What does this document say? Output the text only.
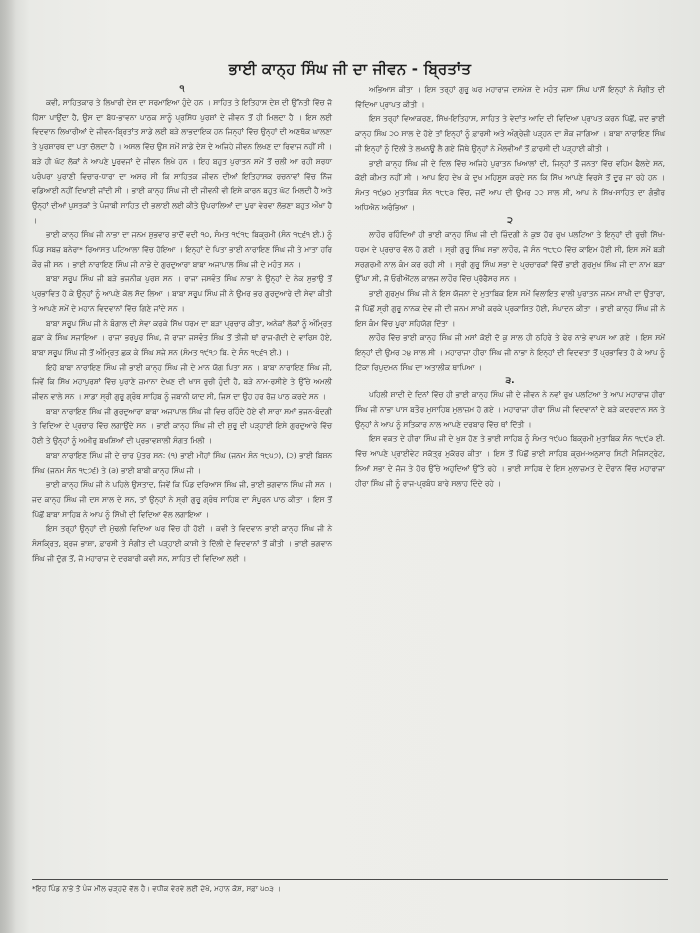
ਭਾਈ ਕਾਨ੍ਹ ਸਿੰਘ ਜੀ ਦਾ ਜੀਵਨ - ਬ੍ਰਿਤਾਂਤ
੧

ਕਵੀ, ਸਾਹਿਤਕਾਰ ਤੇ ਲਿਖਾਰੀ ਦੇਸ਼ ਦਾ ਸਰਮਾਇਆ ਹੁੰਦੇ ਹਨ । ਸਾਹਿਤ ਤੇ ਇਤਿਹਾਸ ਦੇਸ਼ ਦੀ ਉੱਨਤੀ ਵਿੱਚ ਜੋ ਹਿੱਸਾ ਪਾਉਂਦਾ ਹੈ, ਉਸ ਦਾ ਬੋਧ-ਭਾਵਨਾ ਪਾਠਕ ਸਾਨੂੰ ਪ੍ਰਸਿੱਧ ਪੁਰਸ਼ਾਂ ਦੇ ਜੀਵਨ ਤੋਂ ਹੀ ਮਿਲਦਾ ਹੈ । ਇਸ ਲਈ ਵਿਦਵਾਨ ਲਿਖਾਰੀਆਂ ਦੇ ਜੀਵਨ-ਬ੍ਰਿਤਾਂਤ ਸਾਡੇ ਲਈ ਬੜੇ ਲਾਭਦਾਇਕ ਹਨ ਜਿਨ੍ਹਾਂ ਵਿੱਚ ਉਨ੍ਹਾਂ ਦੀ ਅਣਥੱਕ ਘਾਲਣਾ ਤੇ ਪੁਰਸ਼ਾਰਥ ਦਾ ਪਤਾ ਚੱਲਦਾ ਹੈ । ਅਸਲ ਵਿੱਚ ਉਸ ਸਮੇਂ ਸਾਡੇ ਦੇਸ਼ ਦੇ ਅਜਿਹੇ ਜੀਵਨ ਲਿਖਣ ਦਾ ਰਿਵਾਜ ਨਹੀਂ ਸੀ । ਬੜੇ ਹੀ ਘੱਟ ਲੋਕਾਂ ਨੇ ਆਪਣੇ ਪੂਰਵਜਾਂ ਦੇ ਜੀਵਨ ਲਿਖੇ ਹਨ । ਇਹ ਬਹੁਤ ਪੁਰਾਤਨ ਸਮੇਂ ਤੋਂ ਚਲੀ ਆ ਰਹੀ ਸ਼ਰਧਾ ਪਰੰਪਰਾ ਪੁਰਾਣੀ ਵਿਚਾਰ-ਧਾਰਾ ਦਾ ਅਸਰ ਸੀ ਕਿ ਸਾਹਿਤਕ ਜੀਵਨ ਦੀਆਂ ਇਤਿਹਾਸਕ ਰਚਨਾਵਾਂ ਵਿੱਚ ਨਿੱਜ ਵਡਿਆਈ ਨਹੀਂ ਦਿਖਾਈ ਜਾਂਦੀ ਸੀ । ਭਾਈ ਕਾਨ੍ਹ ਸਿੰਘ ਜੀ ਦੀ ਜੀਵਨੀ ਵੀ ਇਸੇ ਕਾਰਨ ਬਹੁਤ ਘੱਟ ਮਿਲਦੀ ਹੈ ਅਤੇ ਉਨ੍ਹਾਂ ਦੀਆਂ ਪੁਸਤਕਾਂ ਤੇ ਪੰਜਾਬੀ ਸਾਹਿਤ ਦੀ ਭਲਾਈ ਲਈ ਕੀਤੇ ਉਪਰਾਲਿਆਂ ਦਾ ਪੂਰਾ ਵੇਰਵਾ ਲੱਭਣਾ ਬਹੁਤ ਔਖਾ ਹੈ ।

ਭਾਈ ਕਾਨ੍ਹ ਸਿੰਘ ਜੀ ਨਾਭਾ ਦਾ ਜਨਮ ਸ਼ੁਭਵਾਰ ਭਾਦੋਂ ਵਦੀ ੧੦, ਸੰਮਤ ੧੯੧੮ ਬਿਕ੍ਰਮੀ (ਸੰਨ ੧੮੬੧ ਈ.) ਨੂੰ ਪਿੰਡ ਸਬਜ਼ ਬਨੇਰਾ* ਰਿਆਸਤ ਪਟਿਆਲਾ ਵਿੱਚ ਹੋਇਆ । ਇਨ੍ਹਾਂ ਦੇ ਪਿਤਾ ਭਾਈ ਨਾਰਾਇਣ ਸਿੰਘ ਜੀ ਤੇ ਮਾਤਾ ਹਰਿ ਕੌਰ ਜੀ ਸਨ । ਭਾਈ ਨਾਰਾਇਣ ਸਿੰਘ ਜੀ ਨਾਭੇ ਦੇ ਗੁਰਦੁਆਰਾ ਬਾਬਾ ਅਜਾਪਾਲ ਸਿੰਘ ਜੀ ਦੇ ਮਹੰਤ ਸਨ ।

ਬਾਬਾ ਸਰੂਪ ਸਿੰਘ ਜੀ ਬੜੇ ਭਜਨੀਕ ਪੁਰਸ਼ ਸਨ । ਰਾਜਾ ਜਸਵੰਤ ਸਿੰਘ ਨਾਭਾ ਨੇ ਉਨ੍ਹਾਂ ਦੇ ਨੇਕ ਸੁਭਾਉ ਤੋਂ ਪ੍ਰਭਾਵਿਤ ਹੋ ਕੇ ਉਨ੍ਹਾਂ ਨੂੰ ਆਪਣੇ ਕੋਲ ਸੱਦ ਲਿਆ । ਬਾਬਾ ਸਰੂਪ ਸਿੰਘ ਜੀ ਨੇ ਉਮਰ ਭਰ ਗੁਰਦੁਆਰੇ ਦੀ ਸੇਵਾ ਕੀਤੀ ਤੇ ਆਪਣੇ ਸਮੇਂ ਦੇ ਮਹਾਨ ਵਿਦਵਾਨਾਂ ਵਿੱਚ ਗਿਣੇ ਜਾਂਦੇ ਸਨ ।

ਬਾਬਾ ਸਰੂਪ ਸਿੰਘ ਜੀ ਨੇ ਬੰਗਾਲ ਦੀ ਸੇਵਾ ਕਰਕੇ ਸਿੱਖ ਧਰਮ ਦਾ ਬੜਾ ਪ੍ਰਚਾਰ ਕੀਤਾ, ਅਨੇਕਾਂ ਲੋਕਾਂ ਨੂੰ ਅੰਮ੍ਰਿਤ ਛਕਾ ਕੇ ਸਿੰਘ ਸਜਾਇਆ । ਰਾਜਾ ਭਰਪੂਰ ਸਿੰਘ, ਜੋ ਰਾਜਾ ਜਸਵੰਤ ਸਿੰਘ ਤੋਂ ਤੀਜੀ ਥਾਂ ਰਾਜ-ਗੱਦੀ ਦੇ ਵਾਰਿਸ ਹੋਏ, ਬਾਬਾ ਸਰੂਪ ਸਿੰਘ ਜੀ ਤੋਂ ਅੰਮ੍ਰਿਤ ਛਕ ਕੇ ਸਿੰਘ ਸਜੇ ਸਨ (ਸੰਮਤ ੧੯੧੭ ਬਿ. ਦੇ ਸੰਨ ੧੮੬੧ ਈ.) ।

ਇਹੋ ਬਾਬਾ ਨਾਰਾਇਣ ਸਿੰਘ ਜੀ ਭਾਈ ਕਾਨ੍ਹ ਸਿੰਘ ਜੀ ਦੇ ਮਾਨ ਯੋਗ ਪਿਤਾ ਸਨ । ਬਾਬਾ ਨਾਰਾਇਣ ਸਿੰਘ ਜੀ, ਜਿਵੇਂ ਕਿ ਸਿੱਖ ਮਹਾਪੁਰਸ਼ਾਂ ਵਿੱਚ ਪੁਰਾਣੇ ਜ਼ਮਾਨਾ ਦੇਖਣ ਦੀ ਖਾਸ ਰੁਚੀ ਹੁੰਦੀ ਹੈ, ਬੜੇ ਨਾਮ-ਰਸੀਏ ਤੇ ਉੱਚੇ ਅਮਲੀ ਜੀਵਨ ਵਾਲੇ ਸਨ । ਸਾਡਾ ਸ੍ਰੀ ਗੁਰੂ ਗ੍ਰੰਥ ਸਾਹਿਬ ਨੂੰ ਜਬਾਨੀ ਯਾਦ ਸੀ, ਜਿਸ ਦਾ ਉਹ ਹਰ ਰੋਜ਼ ਪਾਠ ਕਰਦੇ ਸਨ ।

ਬਾਬਾ ਨਾਰਾਇਣ ਸਿੰਘ ਜੀ ਗੁਰਦੁਆਰਾ ਬਾਬਾ ਅਜਾਪਾਲ ਸਿੰਘ ਜੀ ਵਿਚ ਰਹਿੰਦੇ ਹੋਏ ਵੀ ਸਾਰਾ ਸਮਾਂ ਭਜਨ-ਬੰਦਗੀ ਤੇ ਵਿਦਿਆ ਦੇ ਪ੍ਰਚਾਰ ਵਿੱਚ ਲਗਾਉਂਦੇ ਸਨ । ਭਾਈ ਕਾਨ੍ਹ ਸਿੰਘ ਜੀ ਦੀ ਸ਼ੁਰੂ ਦੀ ਪੜ੍ਹਾਈ ਇਸੇ ਗੁਰਦੁਆਰੇ ਵਿੱਚ ਹੋਈ ਤੇ ਉਨ੍ਹਾਂ ਨੂੰ ਅਮੀਰੁ ਬਖਸ਼ਿਆਂ ਦੀ ਪ੍ਰਭਾਵਸ਼ਾਲੀ ਸੰਗਤ ਮਿਲੀ ।

ਬਾਬਾ ਨਾਰਾਇਣ ਸਿੰਘ ਜੀ ਦੇ ਚਾਰ ਪੁੱਤਰ ਸਨ: (੧) ਭਾਈ ਮੀਹਾਂ ਸਿੰਘ (ਜਨਮ ਸੰਨ ੧੮੫੭), (੨) ਭਾਈ ਬਿਸ਼ਨ ਸਿੰਘ (ਜਨਮ ਸੰਨ ੧੮੭੬) ਤੇ (੩) ਭਾਈ ਬਾਬੀ ਕਾਨ੍ਹ ਸਿੰਘ ਜੀ ।

ਭਾਈ ਕਾਨ੍ਹ ਸਿੰਘ ਜੀ ਨੇ ਪਹਿਲੇ ਉਸਤਾਦ, ਜਿਵੇਂ ਕਿ ਪਿੰਡ ਦਰਿਆਸ ਸਿੰਘ ਜੀ, ਭਾਈ ਭਗਵਾਨ ਸਿੰਘ ਜੀ ਸਨ । ਜਦ ਕਾਨ੍ਹ ਸਿੰਘ ਜੀ ਦਸ ਸਾਲ ਦੇ ਸਨ, ਤਾਂ ਉਨ੍ਹਾਂ ਨੇ ਸ੍ਰੀ ਗੁਰੂ ਗ੍ਰੰਥ ਸਾਹਿਬ ਦਾ ਸੰਪੂਰਨ ਪਾਠ ਕੀਤਾ । ਇਸ ਤੋਂ ਪਿੱਛੋਂ ਬਾਬਾ ਸਾਹਿਬ ਨੇ ਆਪ ਨੂੰ ਸਿੱਖੀ ਦੀ ਵਿਦਿਆ ਵੱਲ ਲਗਾਇਆ ।

ਇਸ ਤਰ੍ਹਾਂ ਉਨ੍ਹਾਂ ਦੀ ਮੁੱਢਲੀ ਵਿਦਿਆ ਘਰ ਵਿੱਚ ਹੀ ਹੋਈ । ਕਵੀ ਤੇ ਵਿਦਵਾਨ ਭਾਈ ਕਾਨ੍ਹ ਸਿੰਘ ਜੀ ਨੇ ਸੰਸਕ੍ਰਿਤ, ਬ੍ਰਜ ਭਾਸ਼ਾ, ਫ਼ਾਰਸੀ ਤੇ ਸੰਗੀਤ ਦੀ ਪੜ੍ਹਾਈ ਕਾਸ਼ੀ ਤੇ ਦਿੱਲੀ ਦੇ ਵਿਦਵਾਨਾਂ ਤੋਂ ਕੀਤੀ । ਭਾਈ ਭਗਵਾਨ ਸਿੰਘ ਜੀ ਦੁੱਗ ਤੋਂ, ਜੋ ਮਹਾਰਾਜ ਦੇ ਦਰਬਾਰੀ ਕਵੀ ਸਨ, ਸਾਹਿਤ ਦੀ ਵਿਦਿਆ ਲਈ ।

ਅਭਿਆਸ ਕੀਤਾ । ਇਸ ਤਰ੍ਹਾਂ ਗੁਰੂ ਘਰ ਮਹਾਰਾਜ ਦਸਮੇਸ਼ ਦੇ ਮਹੰਤ ਜਸਾ ਸਿੰਘ ਪਾਸੋਂ ਇਨ੍ਹਾਂ ਨੇ ਸੰਗੀਤ ਦੀ ਵਿੱਦਿਆ ਪ੍ਰਾਪਤ ਕੀਤੀ ।

ਇਸ ਤਰ੍ਹਾਂ ਵਿਆਕਰਣ, ਸਿੱਖ-ਇਤਿਹਾਸ, ਸਾਹਿਤ ਤੇ ਵੇਦਾਂਤ ਆਦਿ ਦੀ ਵਿਦਿਆ ਪ੍ਰਾਪਤ ਕਰਨ ਪਿੱਛੋਂ, ਜਦ ਭਾਈ ਕਾਨ੍ਹ ਸਿੰਘ ੨੦ ਸਾਲ ਦੇ ਹੋਏ ਤਾਂ ਇਨ੍ਹਾਂ ਨੂੰ ਫ਼ਾਰਸੀ ਅਤੇ ਅੰਗ੍ਰੇਜ਼ੀ ਪੜ੍ਹਨ ਦਾ ਸ਼ੌਕ ਜਾਗਿਆ । ਬਾਬਾ ਨਾਰਾਇਣ ਸਿੰਘ ਜੀ ਇਨ੍ਹਾਂ ਨੂੰ ਦਿੱਲੀ ਤੇ ਲਖਨਊ ਲੈ ਗਏ ਜਿੱਥੇ ਉਨ੍ਹਾਂ ਨੇ ਮੌਲਵੀਆਂ ਤੋਂ ਫ਼ਾਰਸੀ ਦੀ ਪੜ੍ਹਾਈ ਕੀਤੀ ।

ਭਾਈ ਕਾਨ੍ਹ ਸਿੰਘ ਜੀ ਦੇ ਦਿਲ ਵਿੱਚ ਅਜਿਹੇ ਪੁਰਾਤਨ ਖਿਆਲਾਂ ਦੀ, ਜਿਨ੍ਹਾਂ ਤੋਂ ਜਨਤਾ ਵਿੱਚ ਵਹਿਮ ਫੈਲਦੇ ਸਨ, ਕੋਈ ਕੀਮਤ ਨਹੀਂ ਸੀ । ਆਪ ਇਹ ਦੇਖ ਕੇ ਦੁਖ ਮਹਿਸੂਸ ਕਰਦੇ ਸਨ ਕਿ ਸਿੱਖ ਆਪਣੇ ਵਿਰਸੇ ਤੋਂ ਦੂਰ ਜਾ ਰਹੇ ਹਨ । ਸੰਮਤ ੧੯੪੦ ਮੁਤਾਬਿਕ ਸੰਨ ੧੮੮੩ ਵਿੱਚ, ਜਦੋਂ ਆਪ ਦੀ ਉਮਰ ੨੨ ਸਾਲ ਸੀ, ਆਪ ਨੇ ਸਿੱਖ-ਸਾਹਿਤ ਦਾ ਗੰਭੀਰ ਅਧਿਐਨ ਅਰੰਭਿਆ ।

੨

ਲਾਹੌਰ ਰਹਿੰਦਿਆਂ ਹੀ ਭਾਈ ਕਾਨ੍ਹ ਸਿੰਘ ਜੀ ਦੀ ਜ਼ਿੰਦਗੀ ਨੇ ਕੁਝ ਹੋਰ ਰੁਖ ਪਲਟਿਆ ਤੇ ਇਨ੍ਹਾਂ ਦੀ ਰੁਚੀ ਸਿੱਖ-ਧਰਮ ਦੇ ਪ੍ਰਚਾਰ ਵੱਲ ਹੋ ਗਈ । ਸ੍ਰੀ ਗੁਰੂ ਸਿੰਘ ਸਭਾ ਲਾਹੌਰ, ਜੋ ਸੰਨ ੧੮੮੦ ਵਿੱਚ ਕਾਇਮ ਹੋਈ ਸੀ, ਇਸ ਸਮੇਂ ਬੜੀ ਸਰਗਰਮੀ ਨਾਲ ਕੰਮ ਕਰ ਰਹੀ ਸੀ । ਸ੍ਰੀ ਗੁਰੂ ਸਿੰਘ ਸਭਾ ਦੇ ਪ੍ਰਚਾਰਕਾਂ ਵਿੱਚੋਂ ਭਾਈ ਗੁਰਮੁਖ ਸਿੰਘ ਜੀ ਦਾ ਨਾਮ ਬੜਾ ਉੱਘਾ ਸੀ, ਜੋ ਓਰੀਐਂਟਲ ਕਾਲਜ ਲਾਹੌਰ ਵਿੱਚ ਪ੍ਰੋਫੈਸਰ ਸਨ ।

ਭਾਈ ਗੁਰਮੁਖ ਸਿੰਘ ਜੀ ਨੇ ਇਸ ਯੋਜਨਾ ਦੇ ਮੁਤਾਬਿਕ ਇਸ ਸਮੇਂ ਵਿਲਾਇਤ ਵਾਲੀ ਪੁਰਾਤਨ ਜਨਮ ਸਾਖੀ ਦਾ ਉਤਾਰਾ, ਜੋ ਪਿੱਛੋਂ ਸ੍ਰੀ ਗੁਰੂ ਨਾਨਕ ਦੇਵ ਜੀ ਦੀ ਜਨਮ ਸਾਖੀ ਕਰਕੇ ਪ੍ਰਕਾਸ਼ਿਤ ਹੋਈ, ਸੰਪਾਦਨ ਕੀਤਾ । ਭਾਈ ਕਾਨ੍ਹ ਸਿੰਘ ਜੀ ਨੇ ਇਸ ਕੰਮ ਵਿੱਚ ਪੂਰਾ ਸਹਿਯੋਗ ਦਿੱਤਾ ।

ਲਾਹੌਰ ਵਿੱਚ ਭਾਈ ਕਾਨ੍ਹ ਸਿੰਘ ਜੀ ਮਸਾਂ ਕੋਈ ਦੋ ਕੁ ਸਾਲ ਹੀ ਠਹਿਰੇ ਤੇ ਫੇਰ ਨਾਭੇ ਵਾਪਸ ਆ ਗਏ । ਇਸ ਸਮੇਂ ਇਨ੍ਹਾਂ ਦੀ ਉਮਰ ੨੪ ਸਾਲ ਸੀ । ਮਹਾਰਾਜਾ ਹੀਰਾ ਸਿੰਘ ਜੀ ਨਾਭਾ ਨੇ ਇਨ੍ਹਾਂ ਦੀ ਵਿਦਵਤਾ ਤੋਂ ਪ੍ਰਭਾਵਿਤ ਹੋ ਕੇ ਆਪ ਨੂੰ ਟਿੱਕਾ ਰਿਪੁਦਮਨ ਸਿੰਘ ਦਾ ਅਤਾਲੀਕ ਥਾਪਿਆ ।

੩.

ਪਹਿਲੀ ਸ਼ਾਦੀ ਦੇ ਦਿਨਾਂ ਵਿੱਚ ਹੀ ਭਾਈ ਕਾਨ੍ਹ ਸਿੰਘ ਜੀ ਦੇ ਜੀਵਨ ਨੇ ਨਵਾਂ ਰੁਖ ਪਲਟਿਆ ਤੇ ਆਪ ਮਹਾਰਾਜ ਹੀਰਾ ਸਿੰਘ ਜੀ ਨਾਭਾ ਪਾਸ ਬਤੌਰ ਮੁਸਾਹਿਬ ਮੁਲਾਜ਼ਮ ਹੋ ਗਏ । ਮਹਾਰਾਜਾ ਹੀਰਾ ਸਿੰਘ ਜੀ ਵਿਦਵਾਨਾਂ ਦੇ ਬੜੇ ਕਦਰਦਾਨ ਸਨ ਤੇ ਉਨ੍ਹਾਂ ਨੇ ਆਪ ਨੂੰ ਸਤਿਕਾਰ ਨਾਲ ਆਪਣੇ ਦਰਬਾਰ ਵਿੱਚ ਥਾਂ ਦਿੱਤੀ ।

ਇਸ ਵਕਤ ਦੇ ਹੀਰਾ ਸਿੰਘ ਜੀ ਦੇ ਖੁਸ਼ ਹੋਣ ਤੇ ਭਾਈ ਸਾਹਿਬ ਨੂੰ ਸੰਮਤ ੧੯੫੦ ਬਿਕ੍ਰਮੀ ਮੁਤਾਬਿਕ ਸੰਨ ੧੮੯੩ ਈ. ਵਿੱਚ ਆਪਣੇ ਪ੍ਰਾਈਵੇਟ ਸਕੱਤ੍ਰ ਮੁਕੱਰਰ ਕੀਤਾ । ਇਸ ਤੋਂ ਪਿੱਛੋਂ ਭਾਈ ਸਾਹਿਬ ਕ੍ਰਮ-ਅਨੁਸਾਰ ਸਿਟੀ ਮੈਜਿਸਟ੍ਰੇਟ, ਨਿਆਂ ਸਭਾ ਦੇ ਜੱਜ ਤੇ ਹੋਰ ਉੱਚੇ ਅਹੁਦਿਆਂ ਉੱਤੇ ਰਹੇ । ਭਾਈ ਸਾਹਿਬ ਦੇ ਇਸ ਮੁਲਾਜ਼ਮਤ ਦੇ ਦੌਰਾਨ ਵਿੱਚ ਮਹਾਰਾਜਾ ਹੀਰਾ ਸਿੰਘ ਜੀ ਨੂੰ ਰਾਜ-ਪ੍ਰਬੰਧ ਬਾਰੇ ਸਲਾਹ ਦਿੰਦੇ ਰਹੇ ।

*ਇਹ ਪਿੰਡ ਨਾਭੇ ਤੋਂ ਪੰਜ ਮੀਲ ਚੜ੍ਹਦੇ ਵੱਲ ਹੈ। ਵਧੀਕ ਵੇਰਵੇ ਲਈ ਦੇਖੋ, ਮਹਾਨ ਕੋਸ਼, ਸਫ਼ਾ ੫੦੩ ।
